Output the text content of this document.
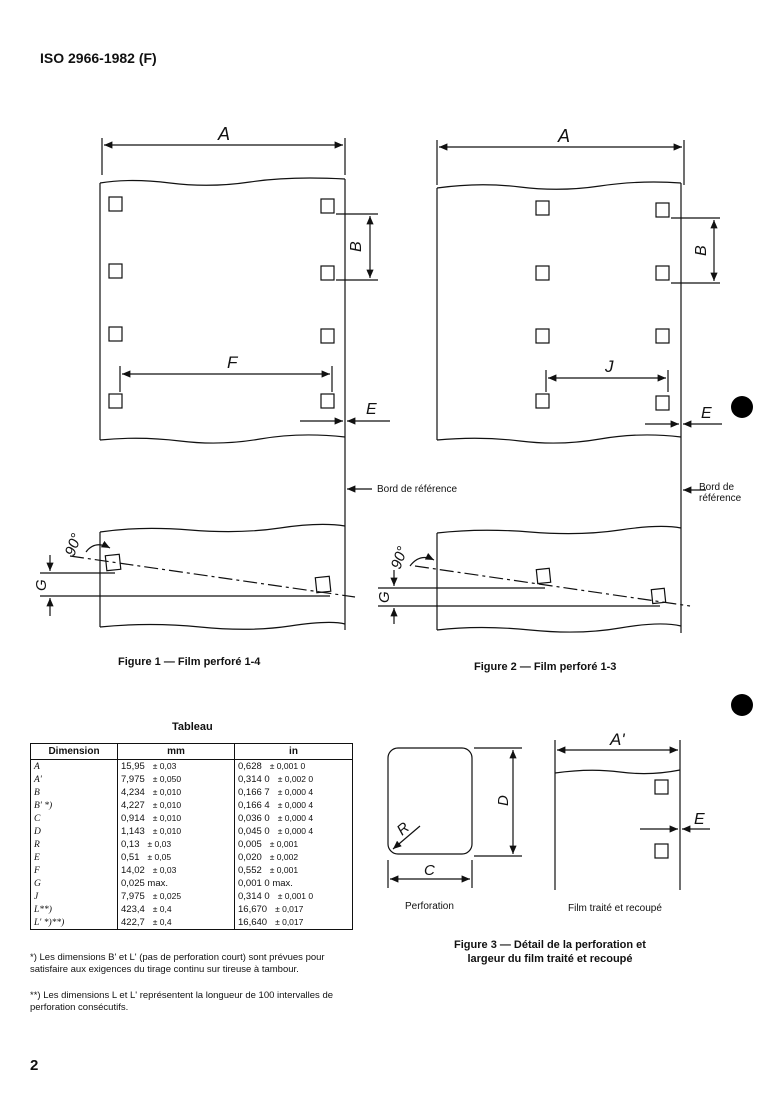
ISO 2966-1982 (F)
A
B
F
E
90°
G
A
B
J
E
90°
G
D
R
C
A'
E
Bord de référence	Bord de
référence
Figure 1 — Film perforé 1-4	Figure 2 — Film perforé 1-3
Tableau
Dimension	mm	in
A	15,95 ± 0,03	0,628 ± 0,001 0
A'	7,975 ± 0,050	0,314 0 ± 0,002 0
B	4,234 ± 0,010	0,166 7 ± 0,000 4
B' *)	4,227 ± 0,010	0,166 4 ± 0,000 4
C	0,914 ± 0,010	0,036 0 ± 0,000 4
D	1,143 ± 0,010	0,045 0 ± 0,000 4
R	0,13 ± 0,03	0,005 ± 0,001
E	0,51 ± 0,05	0,020 ± 0,002
F	14,02 ± 0,03	0,552 ± 0,001
G	0,025 max.	0,001 0 max.
J	7,975 ± 0,025	0,314 0 ± 0,001 0
L**)	423,4 ± 0,4	16,670 ± 0,017
L' *)**)	422,7 ± 0,4	16,640 ± 0,017
*) Les dimensions B' et L' (pas de perforation court) sont prévues pour satisfaire aux exigences du tirage continu sur tireuse à tambour.
**) Les dimensions L et L' représentent la longueur de 100 intervalles de perforation consécutifs.
Perforation	Film traité et recoupé
Figure 3 — Détail de la perforation et
largeur du film traité et recoupé
2
